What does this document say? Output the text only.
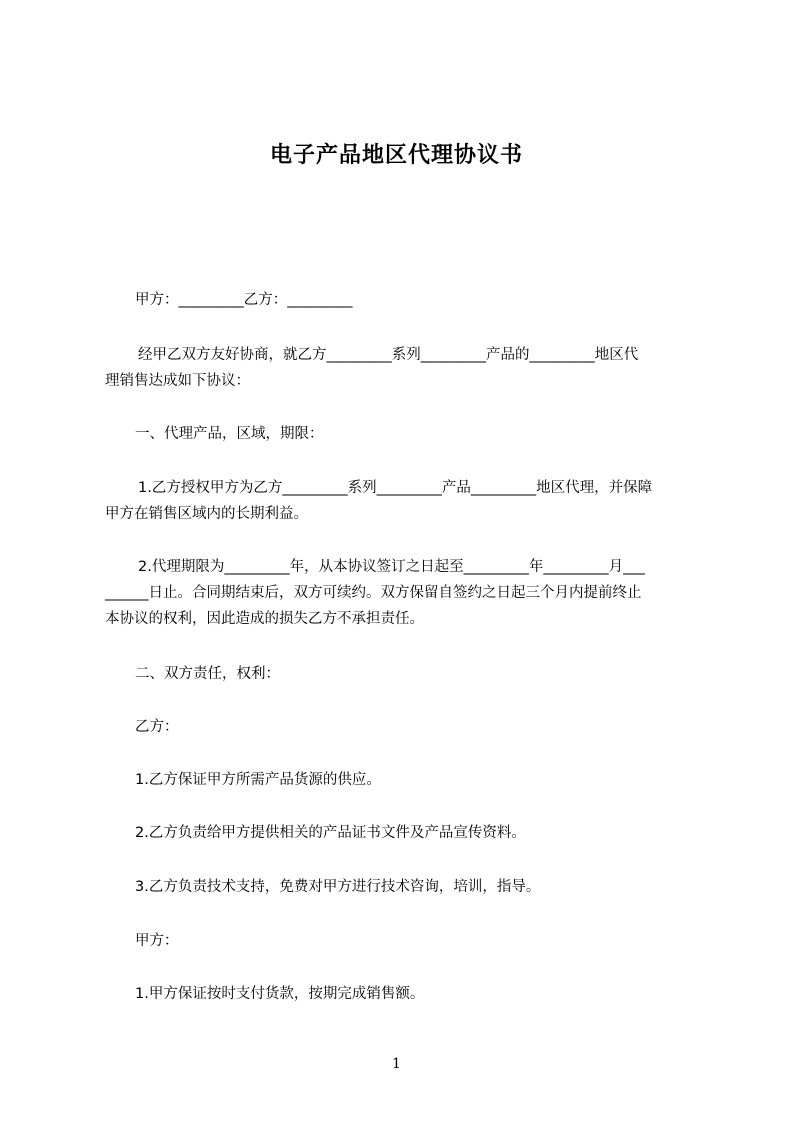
电子产品地区代理协议书
甲方：_________乙方：_________
经甲乙双方友好协商，就乙方_________系列_________产品的_________地区代
理销售达成如下协议：
一、代理产品，区域，期限：
1.乙方授权甲方为乙方_________系列_________产品_________地区代理，并保障
甲方在销售区域内的长期利益。
2.代理期限为_________年，从本协议签订之日起至_________年_________月___
______日止。合同期结束后，双方可续约。双方保留自签约之日起三个月内提前终止
本协议的权利，因此造成的损失乙方不承担责任。
二、双方责任，权利：
乙方：
1.乙方保证甲方所需产品货源的供应。
2.乙方负责给甲方提供相关的产品证书文件及产品宣传资料。
3.乙方负责技术支持，免费对甲方进行技术咨询，培训，指导。
甲方：
1.甲方保证按时支付货款，按期完成销售额。
1
